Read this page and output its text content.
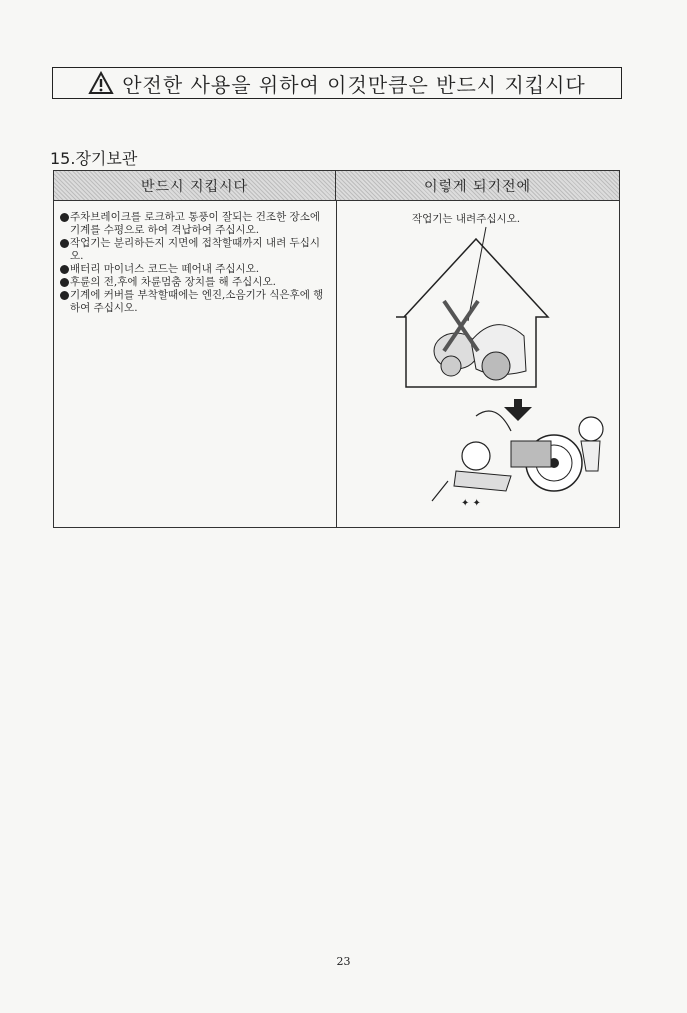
안전한 사용을 위하여 이것만큼은 반드시 지킵시다
15.장기보관
반드시 지킵시다	이렇게 되기전에
주차브레이크를 로크하고 통풍이 잘되는 건조한 장소에 기계를 수평으로 하여 격납하여 주십시오.
작업기는 분리하든지 지면에 접착할때까지 내려 두십시오.
배터리 마이너스 코드는 떼어내 주십시오.
후륜의 전,후에 차륜멈춤 장치를 해 주십시오.
기계에 커버를 부착할때에는 엔진,소음기가 식은후에 행하여 주십시오.
작업기는 내려주십시오.
✦ ✦
23
